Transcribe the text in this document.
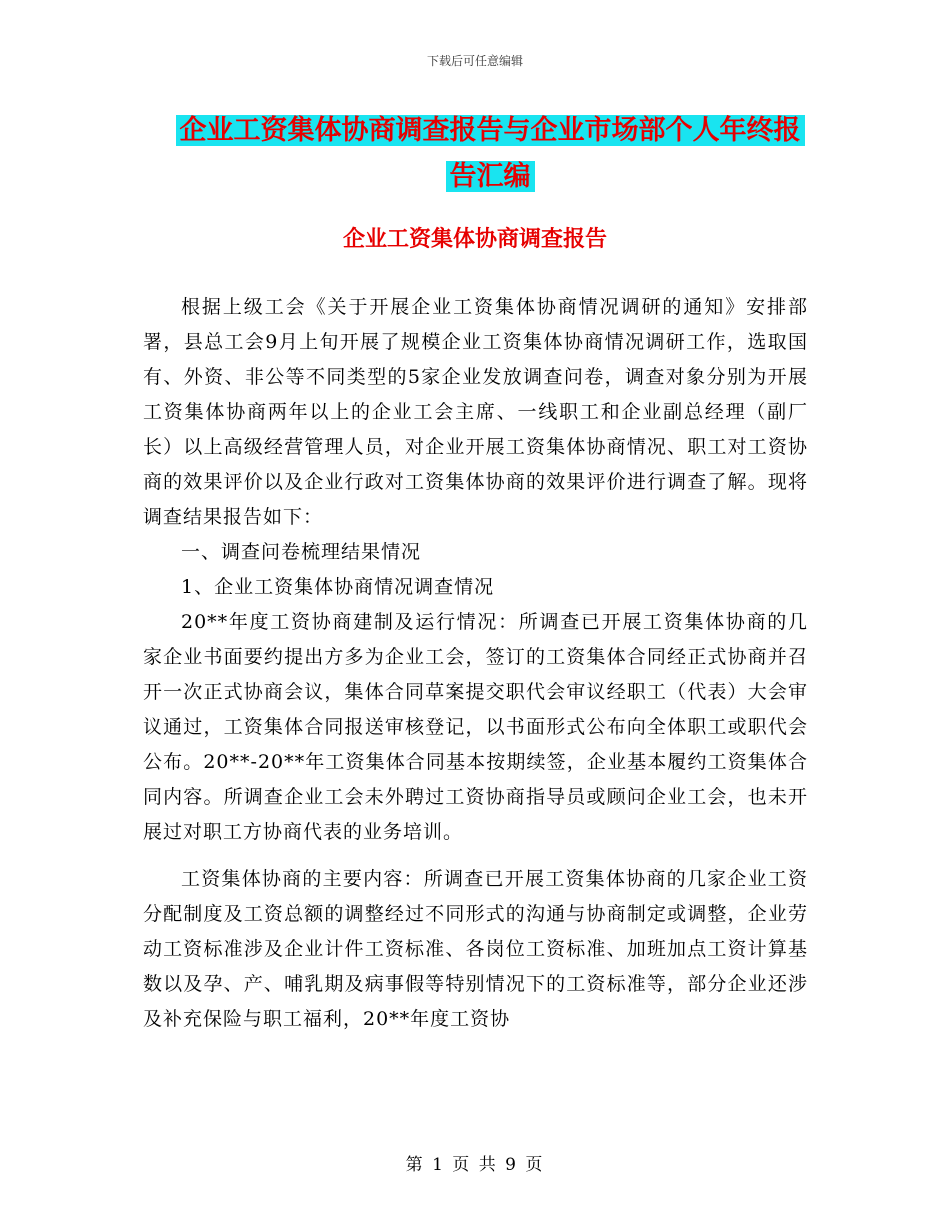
下载后可任意编辑
企业工资集体协商调查报告与企业市场部个人年终报
告汇编
企业工资集体协商调查报告

根据上级工会《关于开展企业工资集体协商情况调研的通知》安排部署，县总工会9月上旬开展了规模企业工资集体协商情况调研工作，选取国有、外资、非公等不同类型的5家企业发放调查问卷，调查对象分别为开展工资集体协商两年以上的企业工会主席、一线职工和企业副总经理（副厂长）以上高级经营管理人员，对企业开展工资集体协商情况、职工对工资协商的效果评价以及企业行政对工资集体协商的效果评价进行调查了解。现将调查结果报告如下：

一、调查问卷梳理结果情况

1、企业工资集体协商情况调查情况

20**年度工资协商建制及运行情况：所调查已开展工资集体协商的几家企业书面要约提出方多为企业工会，签订的工资集体合同经正式协商并召开一次正式协商会议，集体合同草案提交职代会审议经职工（代表）大会审议通过，工资集体合同报送审核登记，以书面形式公布向全体职工或职代会公布。20**-20**年工资集体合同基本按期续签，企业基本履约工资集体合同内容。所调查企业工会未外聘过工资协商指导员或顾问企业工会，也未开展过对职工方协商代表的业务培训。

工资集体协商的主要内容：所调查已开展工资集体协商的几家企业工资分配制度及工资总额的调整经过不同形式的沟通与协商制定或调整，企业劳动工资标准涉及企业计件工资标准、各岗位工资标准、加班加点工资计算基数以及孕、产、哺乳期及病事假等特别情况下的工资标准等，部分企业还涉及补充保险与职工福利，20**年度工资协

第 1 页 共 9 页
